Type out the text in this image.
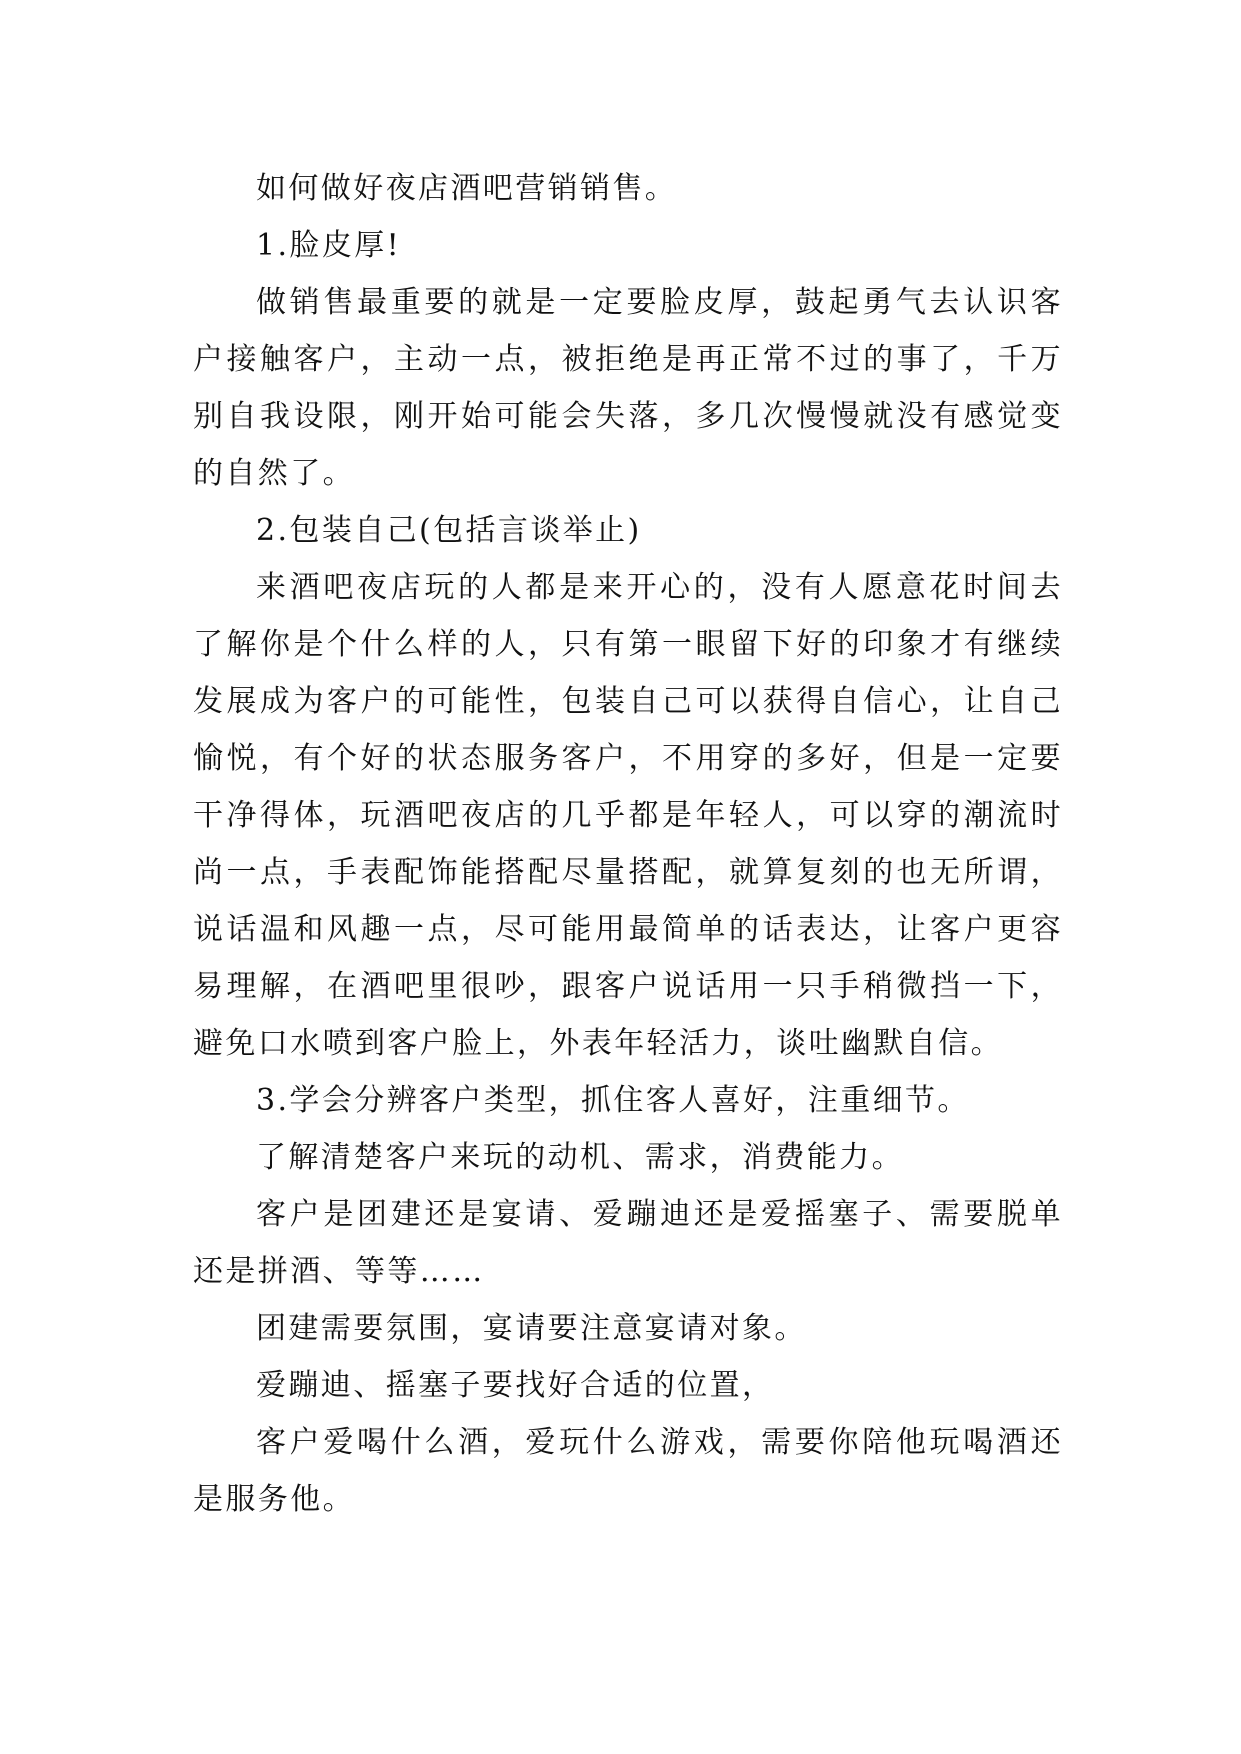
如何做好夜店酒吧营销销售。

1.脸皮厚!

做销售最重要的就是一定要脸皮厚，鼓起勇气去认识客户接触客户，主动一点，被拒绝是再正常不过的事了，千万别自我设限，刚开始可能会失落，多几次慢慢就没有感觉变的自然了。

2.包装自己(包括言谈举止)

来酒吧夜店玩的人都是来开心的，没有人愿意花时间去了解你是个什么样的人，只有第一眼留下好的印象才有继续发展成为客户的可能性，包装自己可以获得自信心，让自己愉悦，有个好的状态服务客户，不用穿的多好，但是一定要干净得体，玩酒吧夜店的几乎都是年轻人，可以穿的潮流时尚一点，手表配饰能搭配尽量搭配，就算复刻的也无所谓，说话温和风趣一点，尽可能用最简单的话表达，让客户更容易理解，在酒吧里很吵，跟客户说话用一只手稍微挡一下，避免口水喷到客户脸上，外表年轻活力，谈吐幽默自信。

3.学会分辨客户类型，抓住客人喜好，注重细节。

了解清楚客户来玩的动机、需求，消费能力。

客户是团建还是宴请、爱蹦迪还是爱摇塞子、需要脱单还是拼酒、等等……

团建需要氛围，宴请要注意宴请对象。

爱蹦迪、摇塞子要找好合适的位置，

客户爱喝什么酒，爱玩什么游戏，需要你陪他玩喝酒还是服务他。
